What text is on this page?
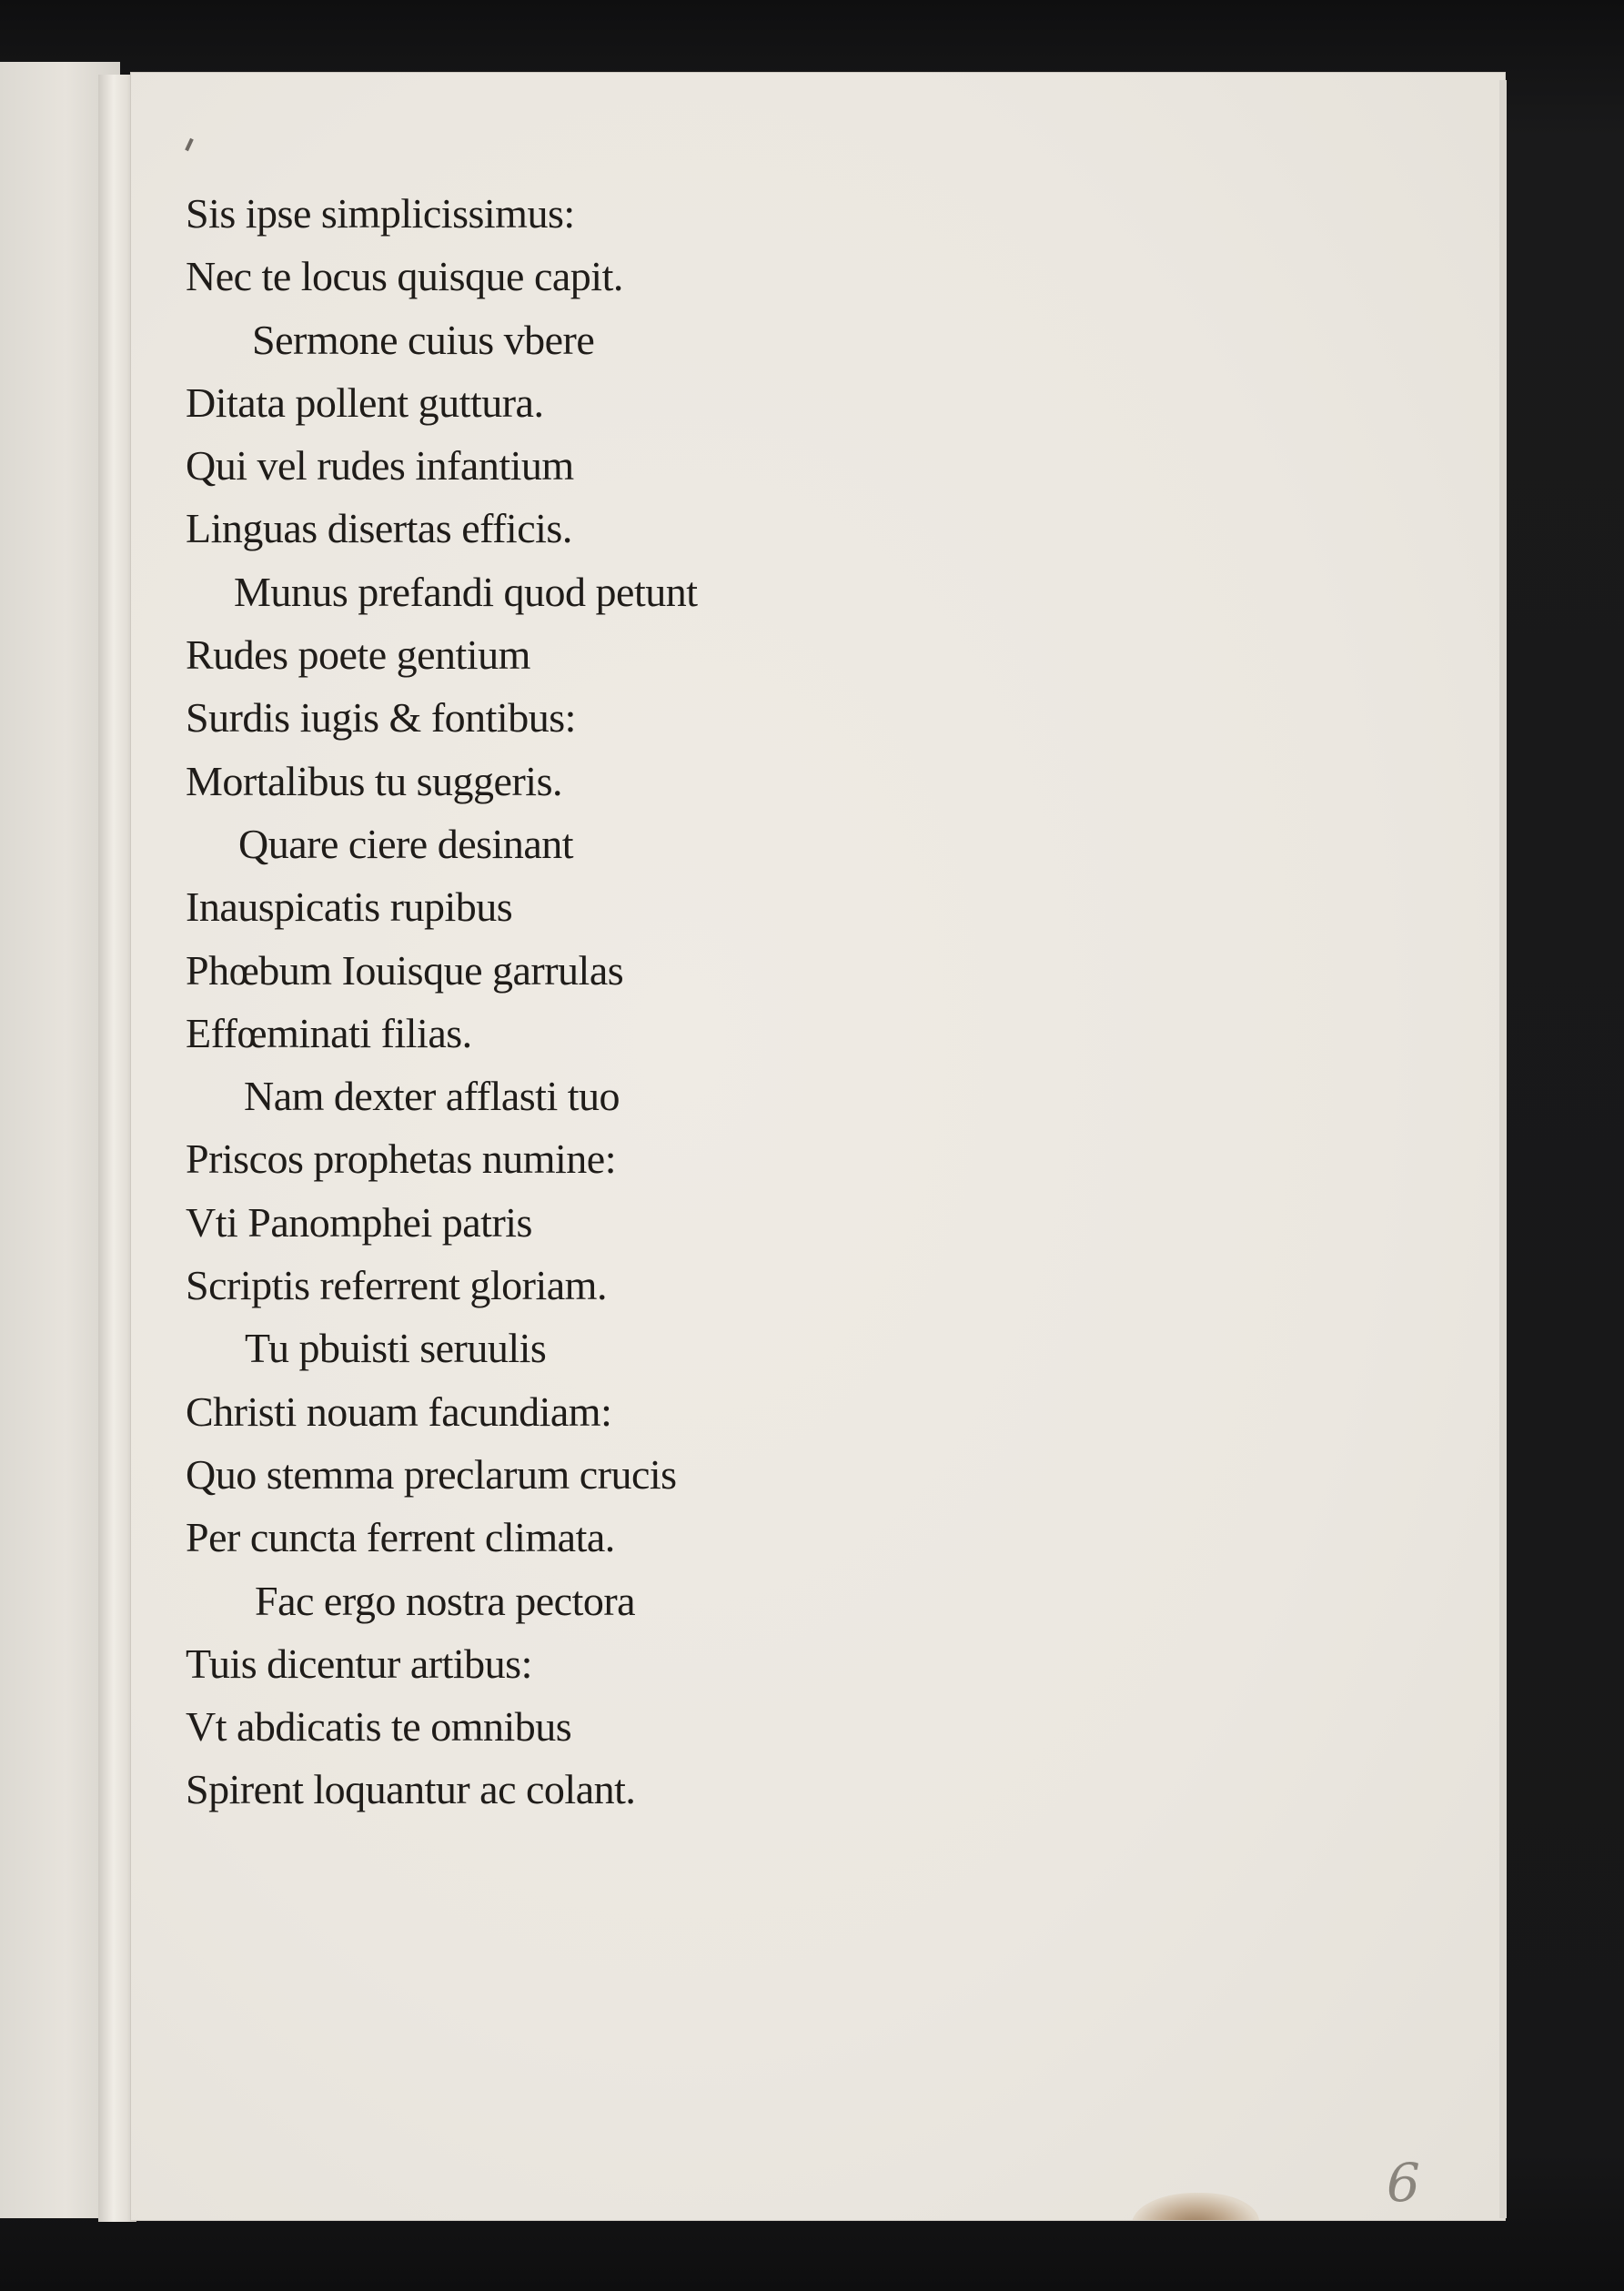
Sis ipse simplicissimus:
Nec te locus quisque capit.
Sermone cuius vbere
Ditata pollent guttura.
Qui vel rudes infantium
Linguas disertas efficis.
Munus prefandi quod petunt
Rudes poete gentium
Surdis iugis & fontibus:
Mortalibus tu suggeris.
Quare ciere desinant
Inauspicatis rupibus
Phœbum Iouisque garrulas
Effœminati filias.
Nam dexter afflasti tuo
Priscos prophetas numine:
Vti Panomphei patris
Scriptis referrent gloriam.
Tu pbuisti seruulis
Christi nouam facundiam:
Quo stemma preclarum crucis
Per cuncta ferrent climata.
Fac ergo nostra pectora
Tuis dicentur artibus:
Vt abdicatis te omnibus
Spirent loquantur ac colant.
6
